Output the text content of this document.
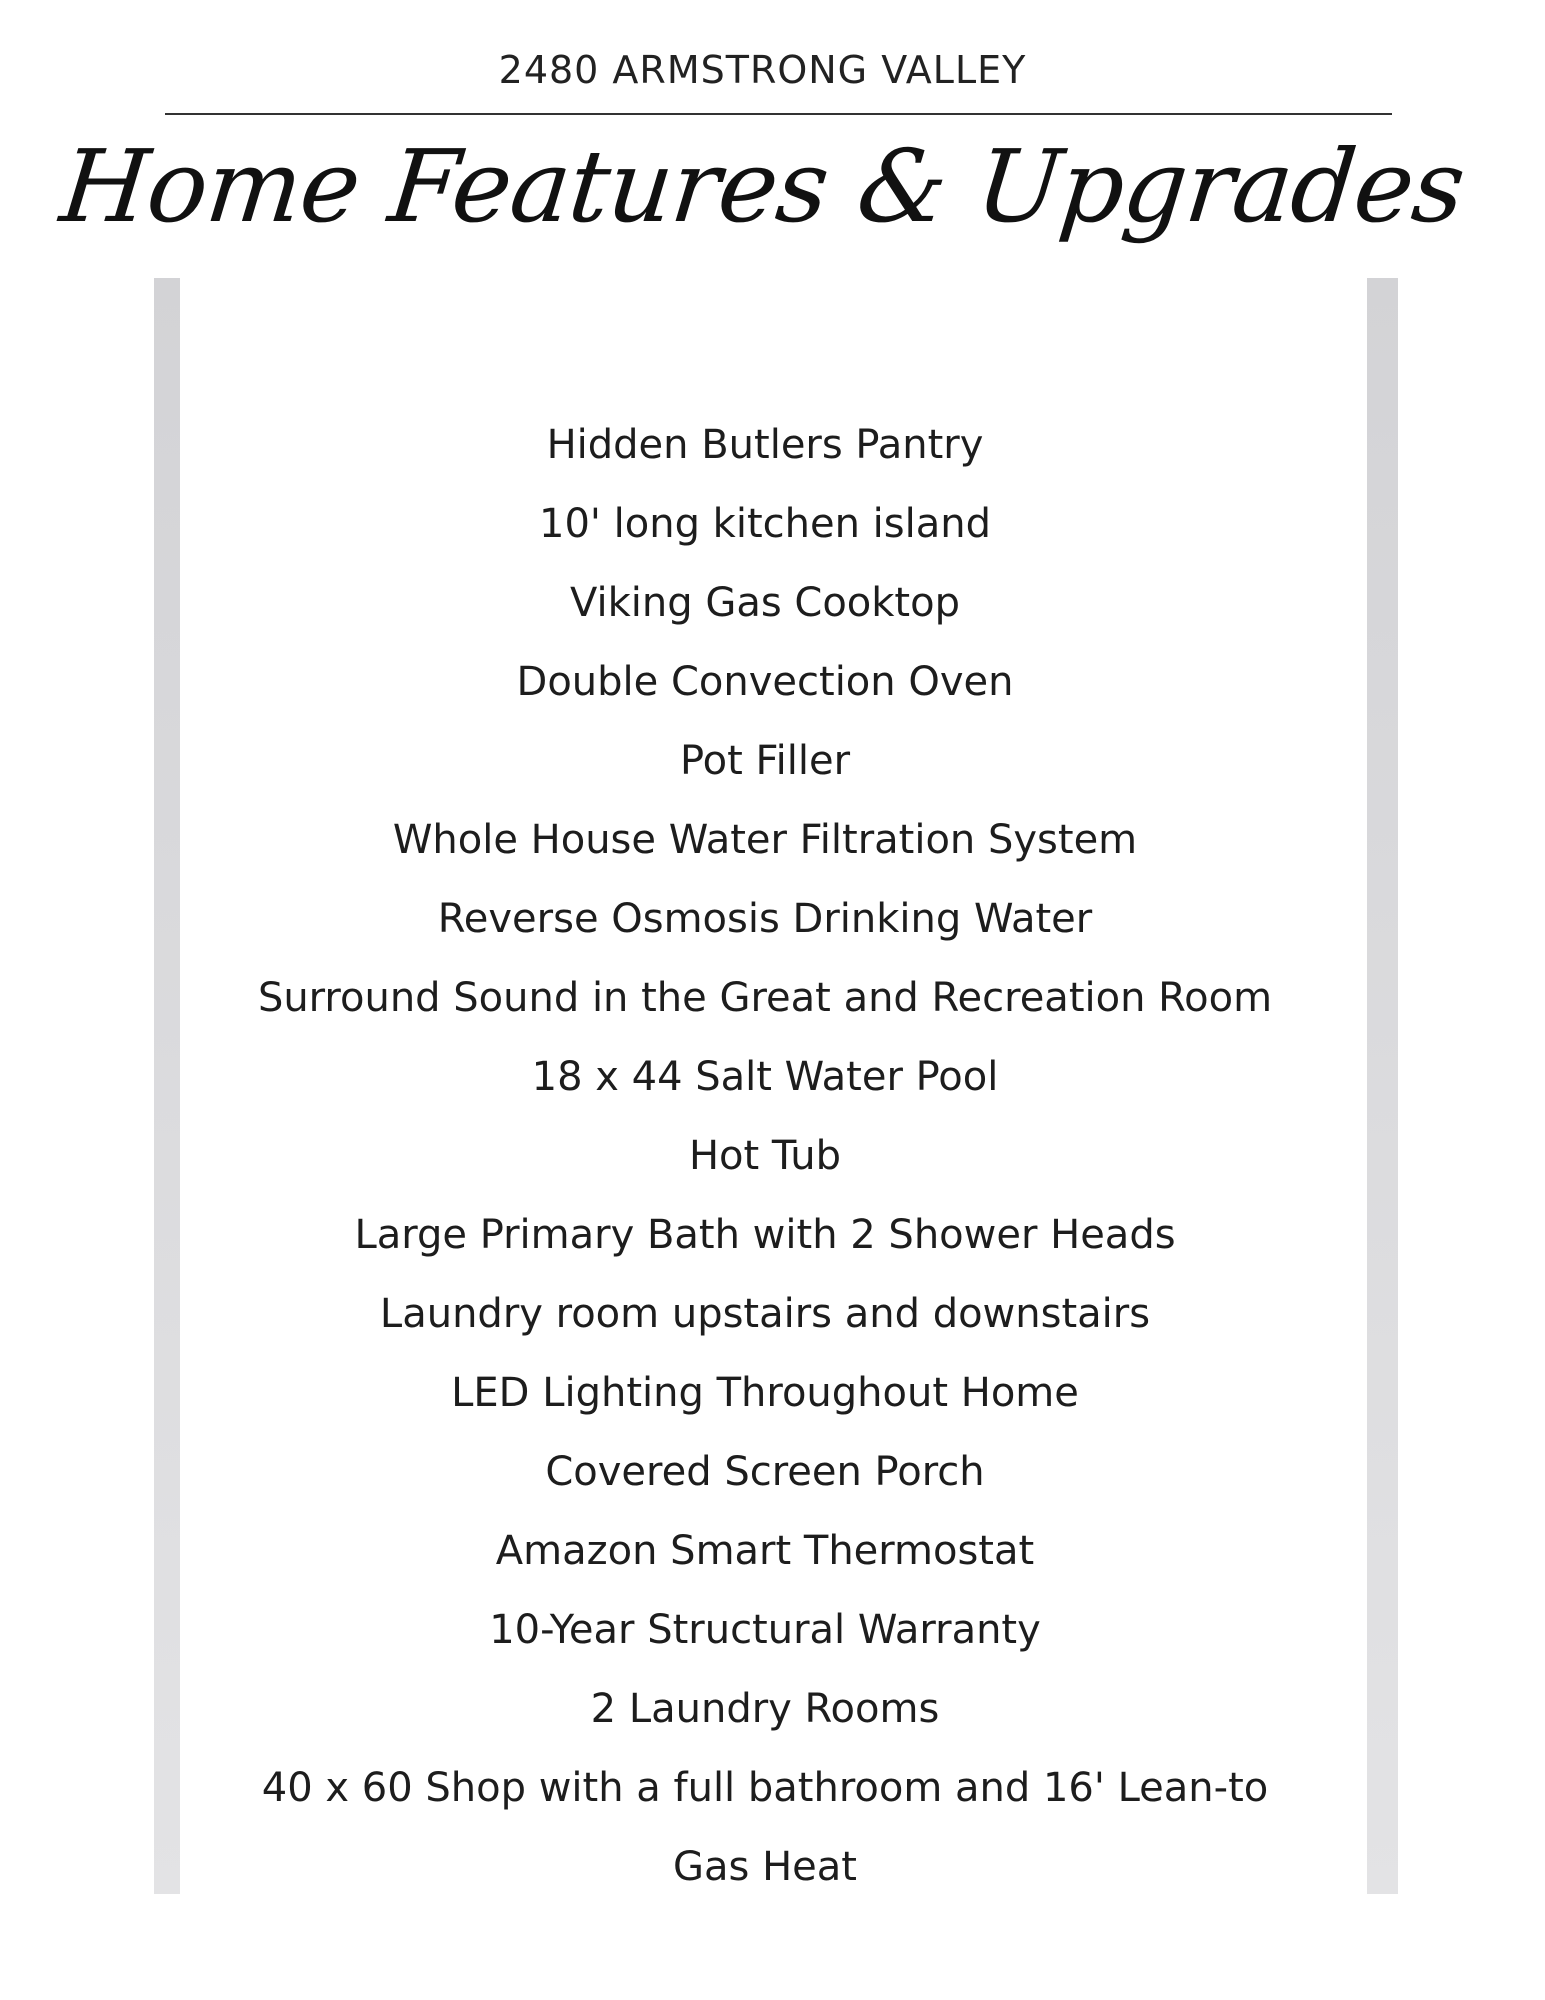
2480 ARMSTRONG VALLEY
Home Features & Upgrades
Hidden Butlers Pantry
10' long kitchen island
Viking Gas Cooktop
Double Convection Oven
Pot Filler
Whole House Water Filtration System
Reverse Osmosis Drinking Water
Surround Sound in the Great and Recreation Room
18 x 44 Salt Water Pool
Hot Tub
Large Primary Bath with 2 Shower Heads
Laundry room upstairs and downstairs
LED Lighting Throughout Home
Covered Screen Porch
Amazon Smart Thermostat
10-Year Structural Warranty
2 Laundry Rooms
40 x 60 Shop with a full bathroom and 16' Lean-to
Gas Heat
